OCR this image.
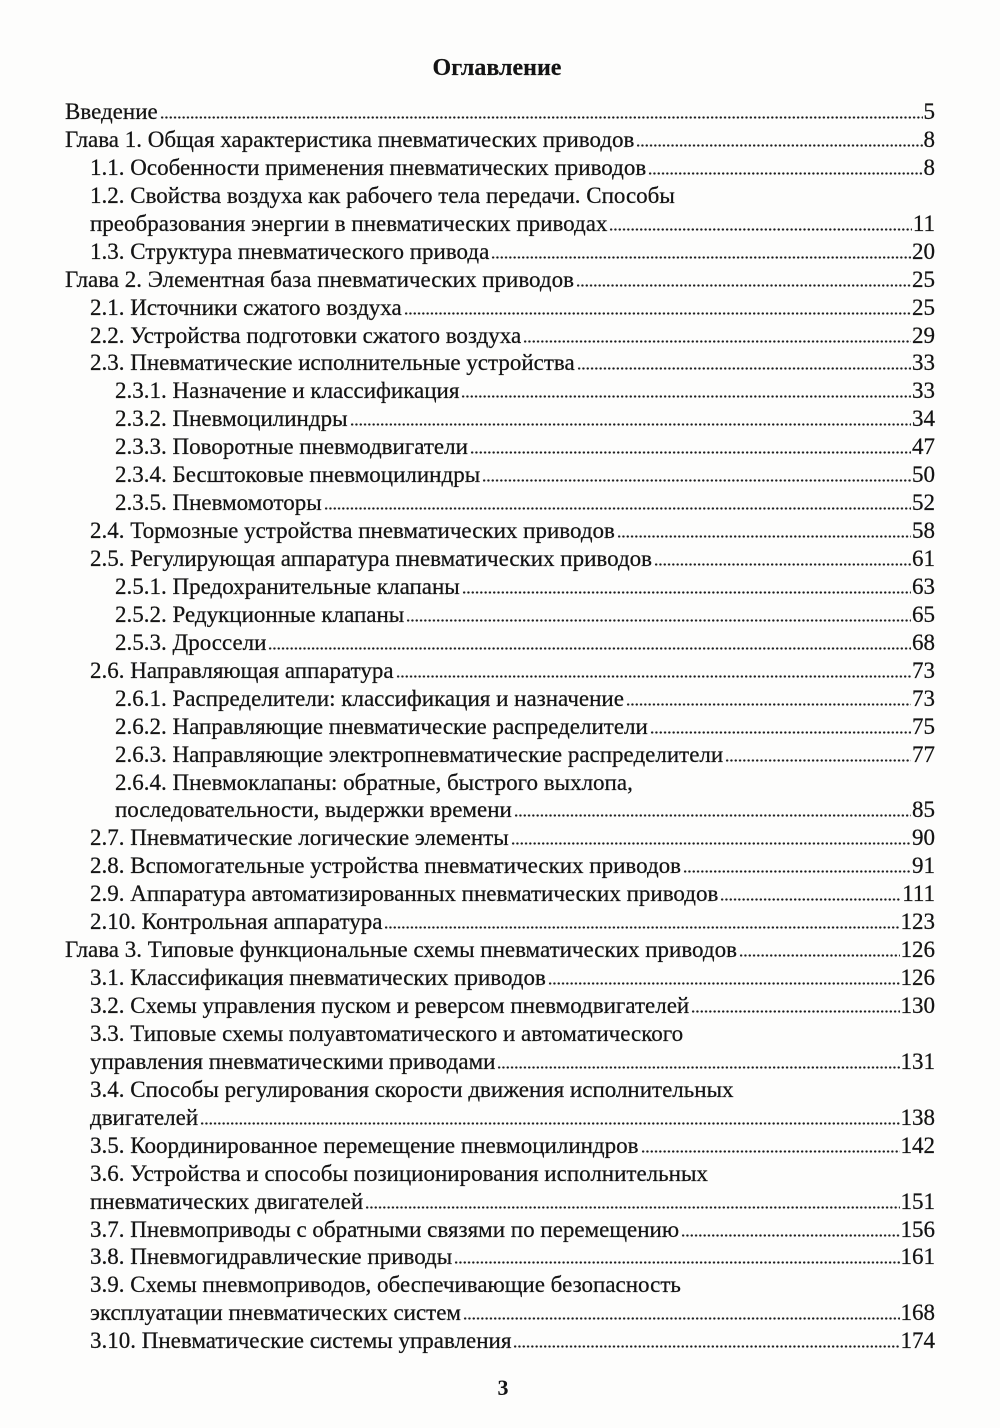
Оглавление
Введение	5
Глава 1. Общая характеристика пневматических приводов	8
1.1. Особенности применения пневматических приводов	8
1.2. Свойства воздуха как рабочего тела передачи. Способы
преобразования энергии в пневматических приводах	11
1.3. Структура пневматического привода	20
Глава 2. Элементная база пневматических приводов	25
2.1. Источники сжатого воздуха	25
2.2. Устройства подготовки сжатого воздуха	29
2.3. Пневматические исполнительные устройства	33
2.3.1. Назначение и классификация	33
2.3.2. Пневмоцилиндры	34
2.3.3. Поворотные пневмодвигатели	47
2.3.4. Бесштоковые пневмоцилиндры	50
2.3.5. Пневмомоторы	52
2.4. Тормозные устройства пневматических приводов	58
2.5. Регулирующая аппаратура пневматических приводов	61
2.5.1. Предохранительные клапаны	63
2.5.2. Редукционные клапаны	65
2.5.3. Дроссели	68
2.6. Направляющая аппаратура	73
2.6.1. Распределители: классификация и назначение	73
2.6.2. Направляющие пневматические распределители	75
2.6.3. Направляющие электропневматические распределители	77
2.6.4. Пневмоклапаны: обратные, быстрого выхлопа,
последовательности, выдержки времени	85
2.7. Пневматические логические элементы	90
2.8. Вспомогательные устройства пневматических приводов	91
2.9. Аппаратура автоматизированных пневматических приводов	111
2.10. Контрольная аппаратура	123
Глава 3. Типовые функциональные схемы пневматических приводов	126
3.1. Классификация пневматических приводов	126
3.2. Схемы управления пуском и реверсом пневмодвигателей	130
3.3. Типовые схемы полуавтоматического и автоматического
управления пневматическими приводами	131
3.4. Способы регулирования скорости движения исполнительных
двигателей	138
3.5. Координированное перемещение пневмоцилиндров	142
3.6. Устройства и способы позиционирования исполнительных
пневматических двигателей	151
3.7. Пневмоприводы с обратными связями по перемещению	156
3.8. Пневмогидравлические приводы	161
3.9. Схемы пневмоприводов, обеспечивающие безопасность
эксплуатации пневматических систем	168
3.10. Пневматические системы управления	174
3
